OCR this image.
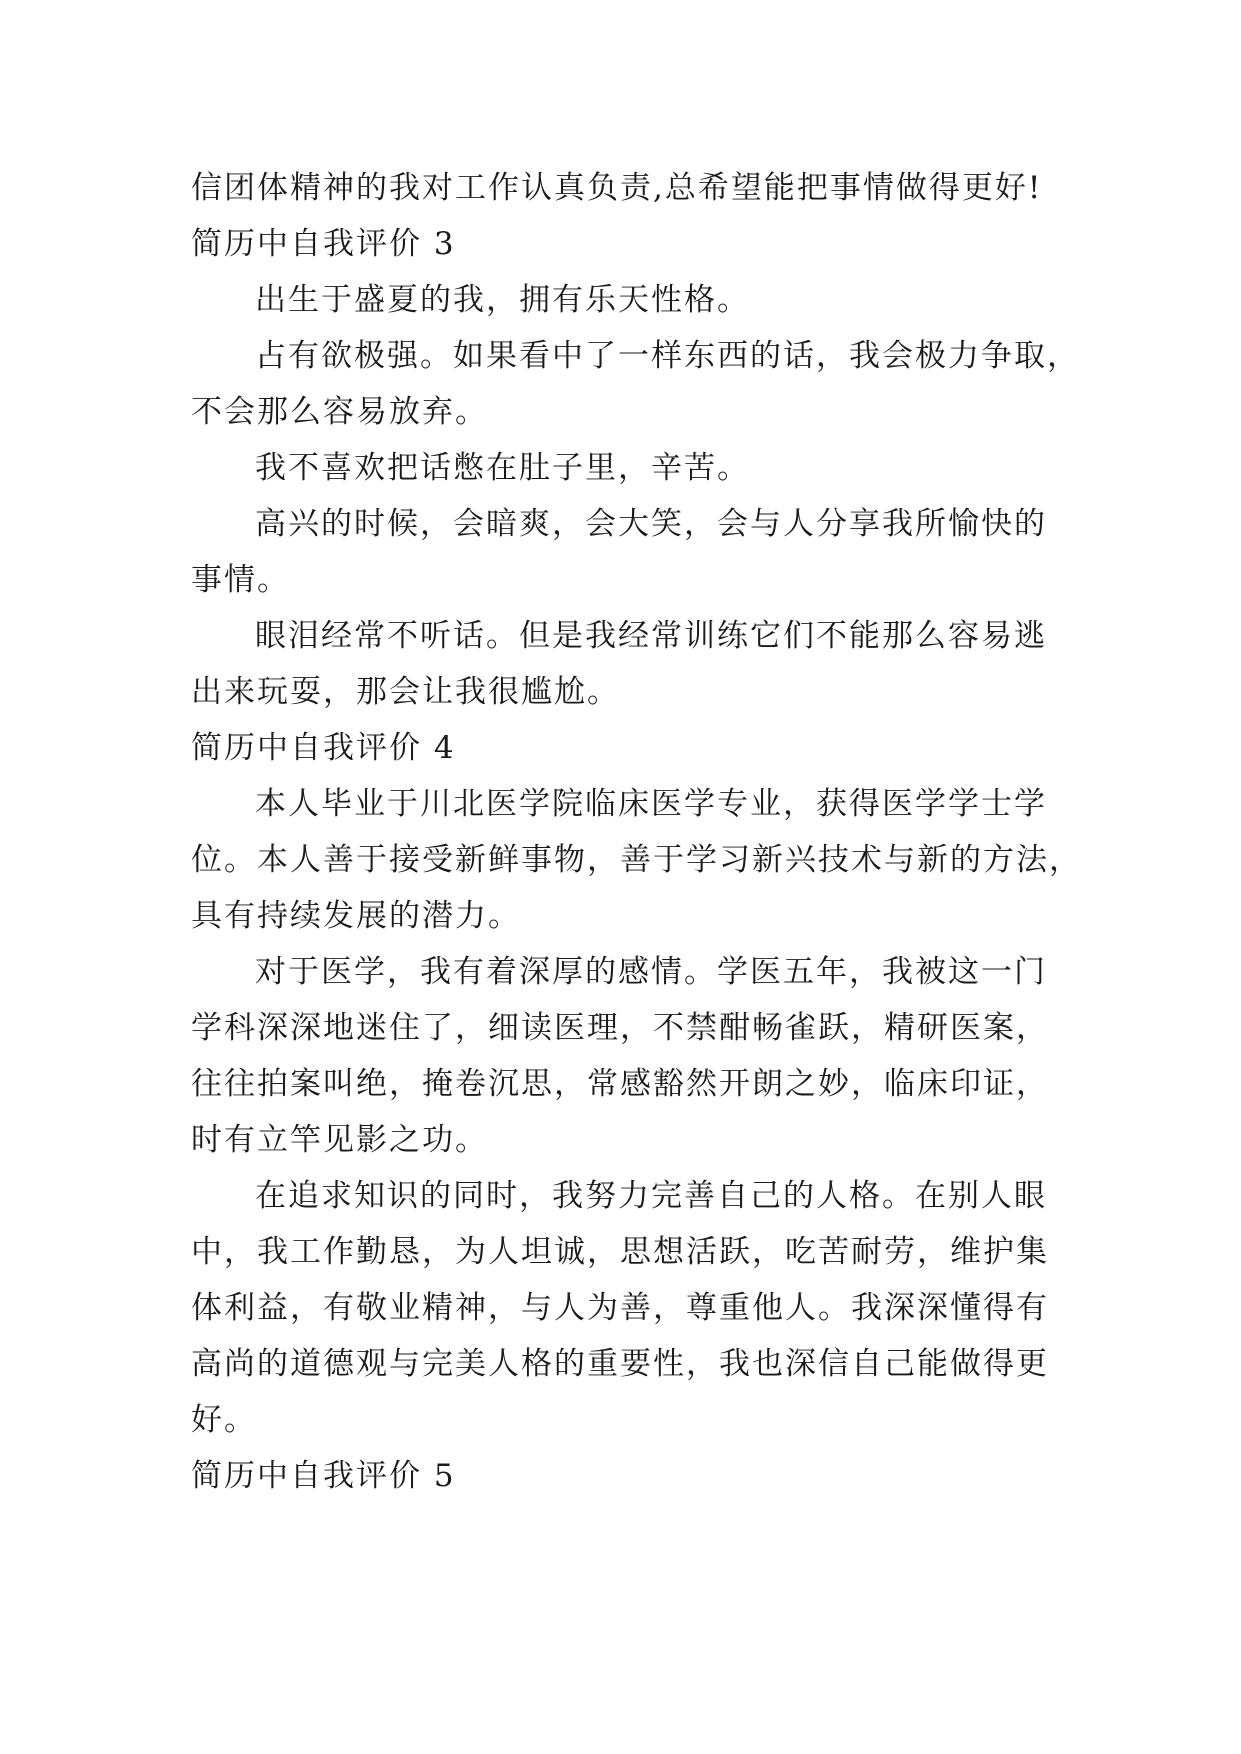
信团体精神的我对工作认真负责,总希望能把事情做得更好!
简历中自我评价 3
出生于盛夏的我，拥有乐天性格。
占有欲极强。如果看中了一样东西的话，我会极力争取，
不会那么容易放弃。
我不喜欢把话憋在肚子里，辛苦。
高兴的时候，会暗爽，会大笑，会与人分享我所愉快的
事情。
眼泪经常不听话。但是我经常训练它们不能那么容易逃
出来玩耍，那会让我很尴尬。
简历中自我评价 4
本人毕业于川北医学院临床医学专业，获得医学学士学
位。本人善于接受新鲜事物，善于学习新兴技术与新的方法，
具有持续发展的潜力。
对于医学，我有着深厚的感情。学医五年，我被这一门
学科深深地迷住了，细读医理，不禁酣畅雀跃，精研医案，
往往拍案叫绝，掩卷沉思，常感豁然开朗之妙，临床印证，
时有立竿见影之功。
在追求知识的同时，我努力完善自己的人格。在别人眼
中，我工作勤恳，为人坦诚，思想活跃，吃苦耐劳，维护集
体利益，有敬业精神，与人为善，尊重他人。我深深懂得有
高尚的道德观与完美人格的重要性，我也深信自己能做得更
好。
简历中自我评价 5
